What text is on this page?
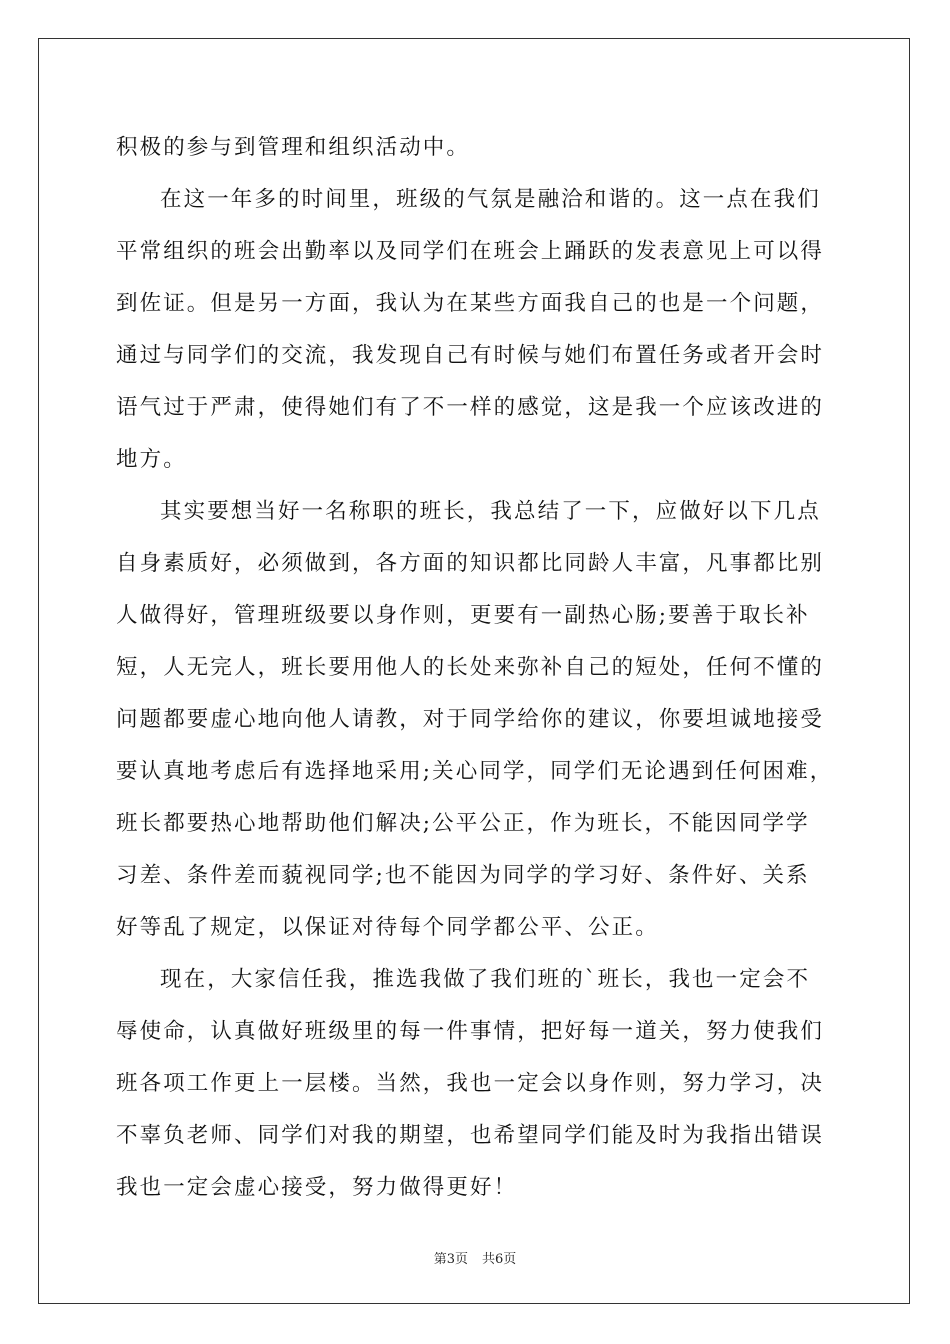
积极的参与到管理和组织活动中。
在这一年多的时间里，班级的气氛是融洽和谐的。这一点在我们
平常组织的班会出勤率以及同学们在班会上踊跃的发表意见上可以得
到佐证。但是另一方面，我认为在某些方面我自己的也是一个问题，
通过与同学们的交流，我发现自己有时候与她们布置任务或者开会时
语气过于严肃，使得她们有了不一样的感觉，这是我一个应该改进的
地方。
其实要想当好一名称职的班长，我总结了一下，应做好以下几点
自身素质好，必须做到，各方面的知识都比同龄人丰富，凡事都比别
人做得好，管理班级要以身作则，更要有一副热心肠;要善于取长补
短，人无完人，班长要用他人的长处来弥补自己的短处，任何不懂的
问题都要虚心地向他人请教，对于同学给你的建议，你要坦诚地接受
要认真地考虑后有选择地采用;关心同学，同学们无论遇到任何困难，
班长都要热心地帮助他们解决;公平公正，作为班长，不能因同学学
习差、条件差而藐视同学;也不能因为同学的学习好、条件好、关系
好等乱了规定，以保证对待每个同学都公平、公正。
现在，大家信任我，推选我做了我们班的`班长，我也一定会不
辱使命，认真做好班级里的每一件事情，把好每一道关，努力使我们
班各项工作更上一层楼。当然，我也一定会以身作则，努力学习，决
不辜负老师、同学们对我的期望，也希望同学们能及时为我指出错误
我也一定会虚心接受，努力做得更好！
第3页 共6页
